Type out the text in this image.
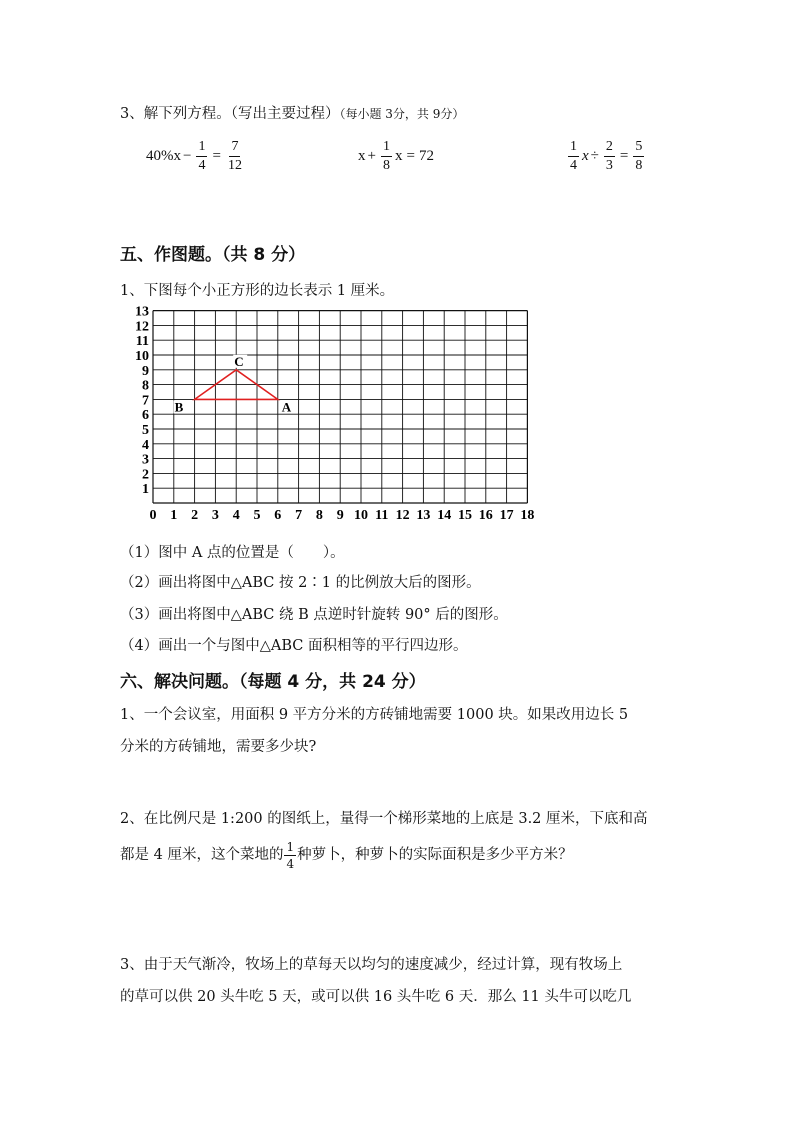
3、解下列方程。（写出主要过程）（每小题 3分，共 9分）
$40\%x - \frac{1}{4} = \frac{7}{12}$	$x + \frac{1}{8}$ x = 72	$\frac{1}{4}$ $x \div \frac{2}{3} = \frac{5}{8}$
五、作图题。（共 8 分）
1、下图每个小正方形的边长表示 1 厘米。
0 1 2 3 4 5 6 7 8 9 10 11 12 13 14 15 16 17 18
1
2
3
4
5
6
7
8
9
10
11
12
13
A
B
C
（1）图中 A 点的位置是（　　）。
（2）画出将图中△ABC 按 2∶1 的比例放大后的图形。
（3）画出将图中△ABC 绕 B 点逆时针旋转 90° 后的图形。
（4）画出一个与图中△ABC 面积相等的平行四边形。
六、解决问题。（每题 4 分，共 24 分）
1、一个会议室，用面积 9 平方分米的方砖铺地需要 1000 块。如果改用边长 5
分米的方砖铺地，需要多少块?
2、在比例尺是 1:200 的图纸上，量得一个梯形菜地的上底是 3.2 厘米，下底和高
都是 4 厘米，这个菜地的 $\frac{1}{4}$ 种萝卜，种萝卜的实际面积是多少平方米？
3、由于天气渐冷，牧场上的草每天以均匀的速度减少，经过计算，现有牧场上
的草可以供 20 头牛吃 5 天，或可以供 16 头牛吃 6 天．那么 11 头牛可以吃几
